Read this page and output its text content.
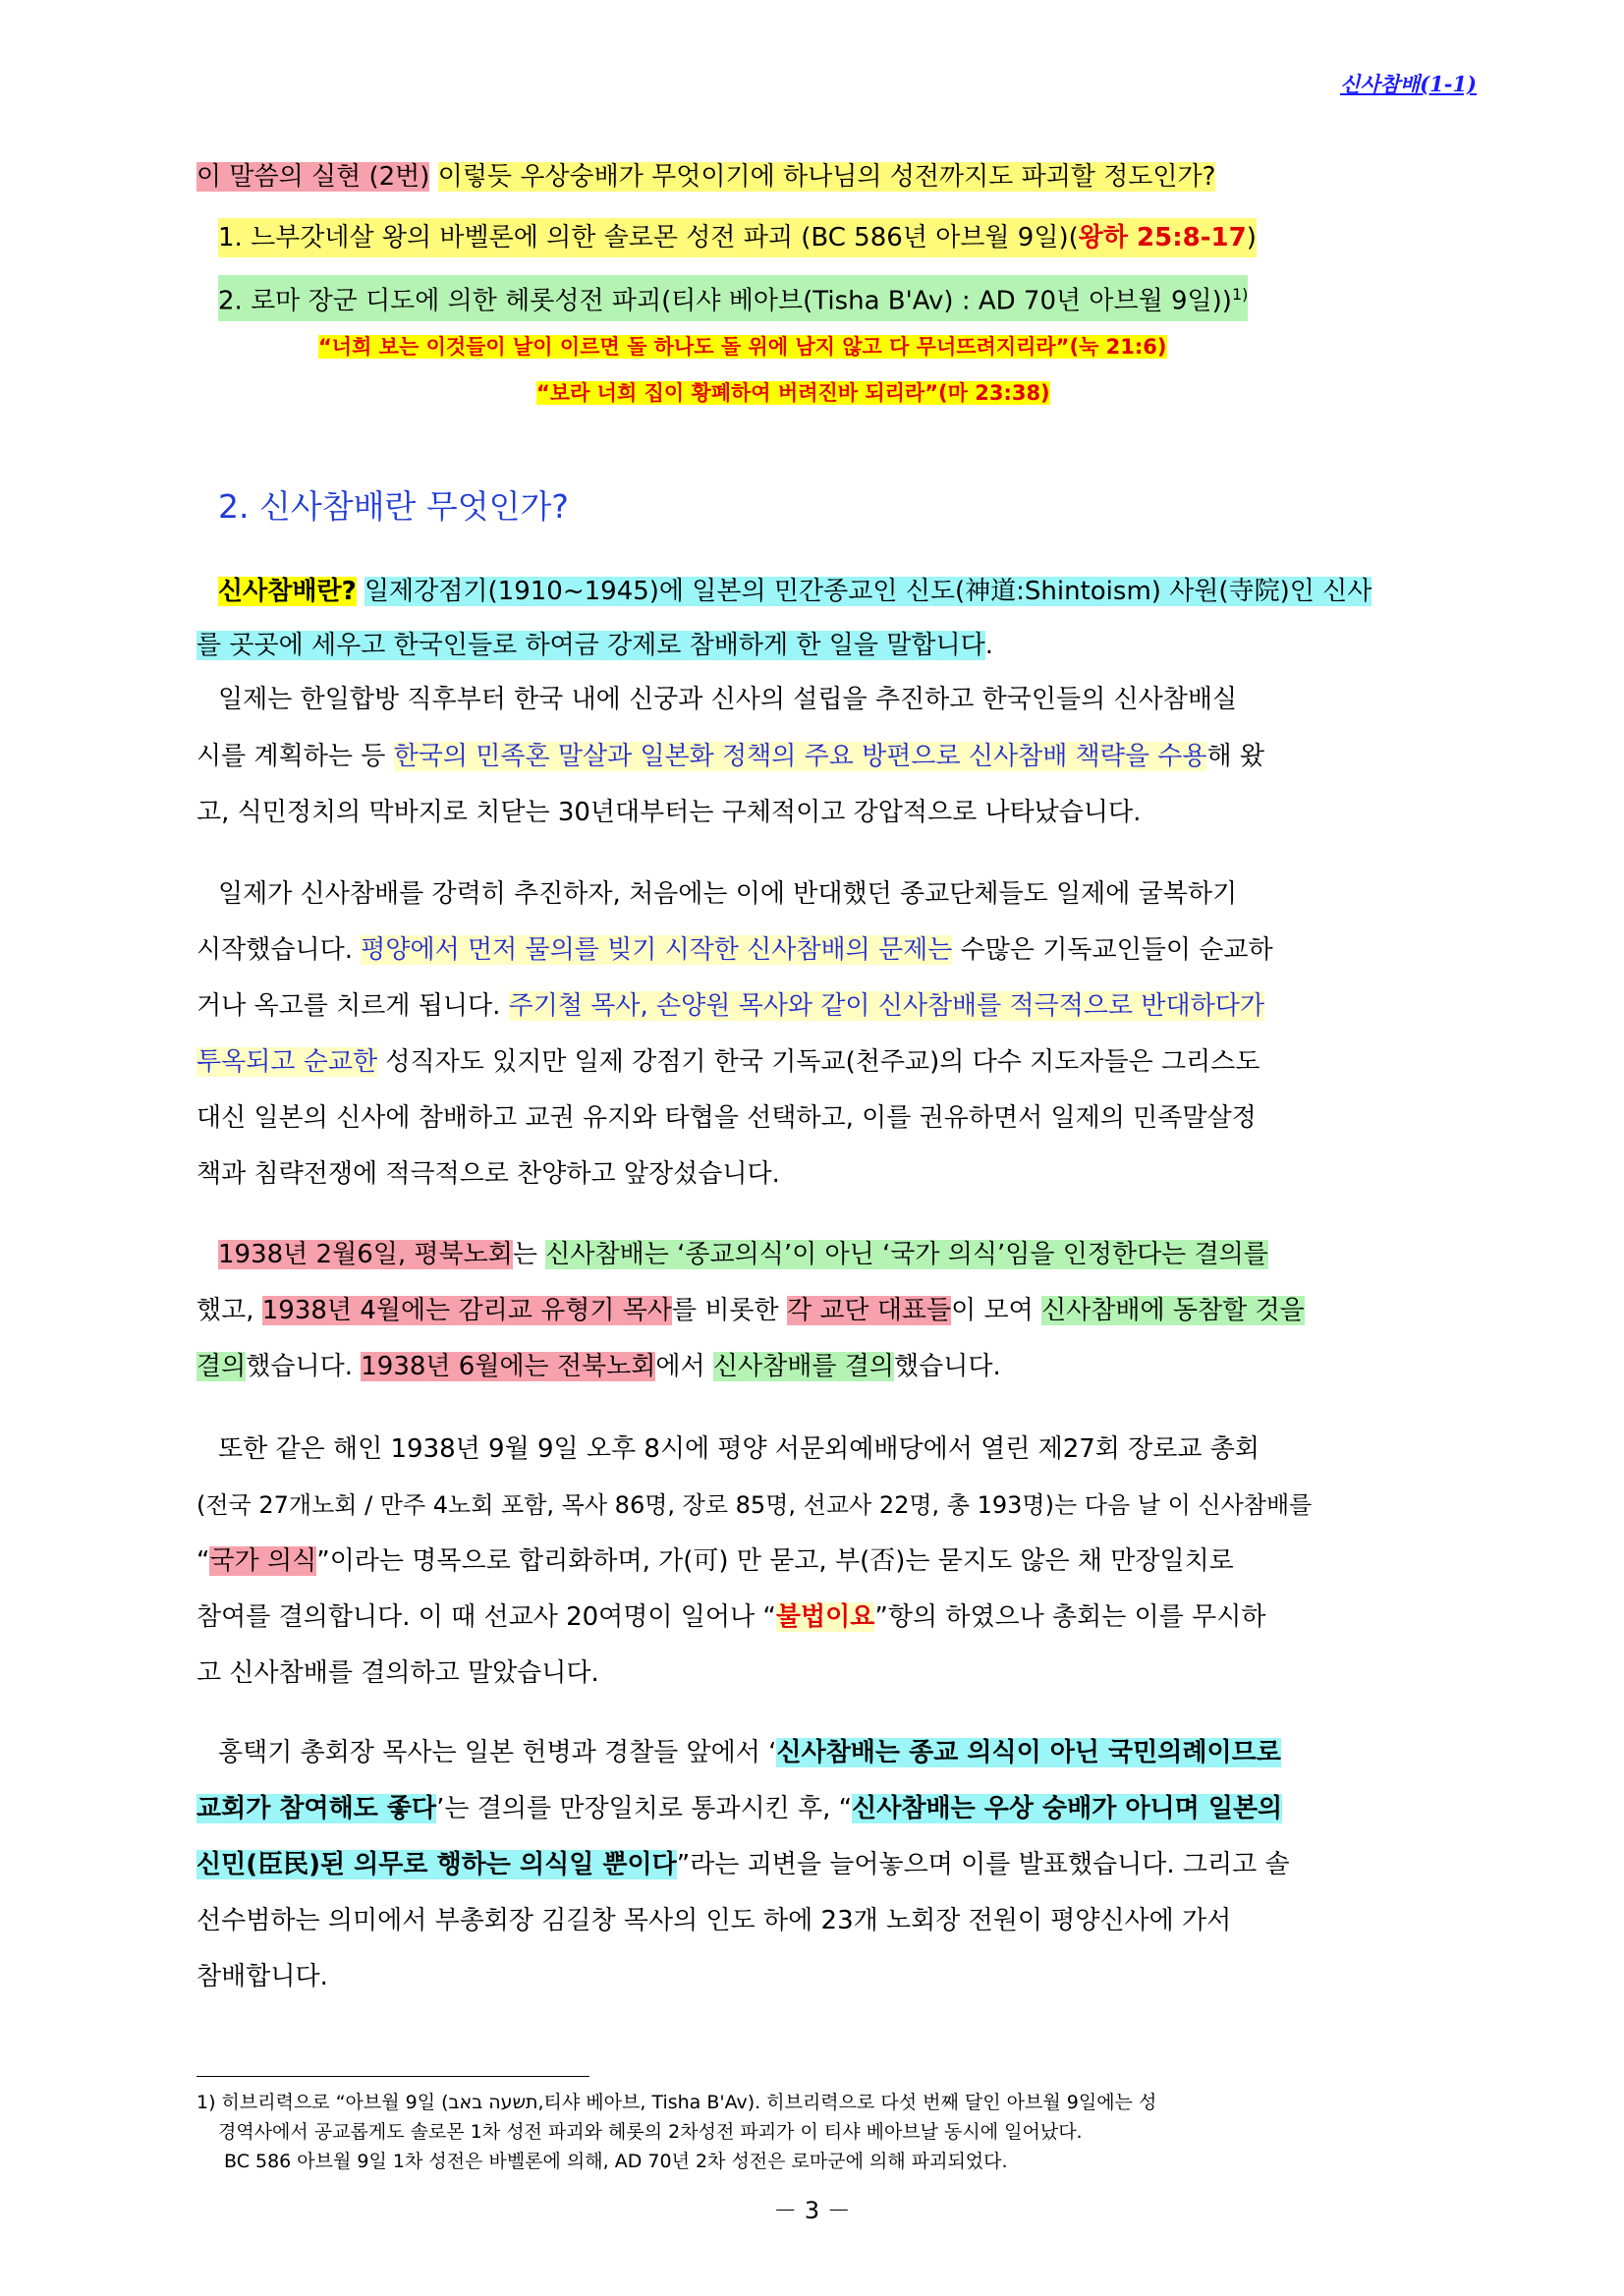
신사참배(1-1)
이 말씀의 실현 (2번) 이렇듯 우상숭배가 무엇이기에 하나님의 성전까지도 파괴할 정도인가?
1. 느부갓네살 왕의 바벨론에 의한 솔로몬 성전 파괴 (BC 586년 아브월 9일)(왕하 25:8-17)
2. 로마 장군 디도에 의한 헤롯성전 파괴(티샤 베아브(Tisha B'Av) : AD 70년 아브월 9일))$^{1)}$
“너희 보는 이것들이 날이 이르면 돌 하나도 돌 위에 남지 않고 다 무너뜨려지리라”(눅 21:6)
“보라 너희 집이 황폐하여 버려진바 되리라”(마 23:38)
2. 신사참배란 무엇인가?
신사참배란? 일제강점기(1910~1945)에 일본의 민간종교인 신도(神道:Shintoism) 사원(寺院)인 신사
를 곳곳에 세우고 한국인들로 하여금 강제로 참배하게 한 일을 말합니다.
일제는 한일합방 직후부터 한국 내에 신궁과 신사의 설립을 추진하고 한국인들의 신사참배실
시를 계획하는 등 한국의 민족혼 말살과 일본화 정책의 주요 방편으로 신사참배 책략을 수용해 왔
고, 식민정치의 막바지로 치닫는 30년대부터는 구체적이고 강압적으로 나타났습니다.
일제가 신사참배를 강력히 추진하자, 처음에는 이에 반대했던 종교단체들도 일제에 굴복하기
시작했습니다. 평양에서 먼저 물의를 빚기 시작한 신사참배의 문제는 수많은 기독교인들이 순교하
거나 옥고를 치르게 됩니다. 주기철 목사, 손양원 목사와 같이 신사참배를 적극적으로 반대하다가
투옥되고 순교한 성직자도 있지만 일제 강점기 한국 기독교(천주교)의 다수 지도자들은 그리스도
대신 일본의 신사에 참배하고 교권 유지와 타협을 선택하고, 이를 권유하면서 일제의 민족말살정
책과 침략전쟁에 적극적으로 찬양하고 앞장섰습니다.
1938년 2월6일, 평북노회는 신사참배는 ‘종교의식’이 아닌 ‘국가 의식’임을 인정한다는 결의를
했고, 1938년 4월에는 감리교 유형기 목사를 비롯한 각 교단 대표들이 모여 신사참배에 동참할 것을
결의했습니다. 1938년 6월에는 전북노회에서 신사참배를 결의했습니다.
또한 같은 해인 1938년 9월 9일 오후 8시에 평양 서문외예배당에서 열린 제27회 장로교 총회
(전국 27개노회 / 만주 4노회 포함, 목사 86명, 장로 85명, 선교사 22명, 총 193명)는 다음 날 이 신사참배를
“국가 의식”이라는 명목으로 합리화하며, 가(可) 만 묻고, 부(否)는 묻지도 않은 채 만장일치로
참여를 결의합니다. 이 때 선교사 20여명이 일어나 “불법이요”항의 하였으나 총회는 이를 무시하
고 신사참배를 결의하고 말았습니다.
홍택기 총회장 목사는 일본 헌병과 경찰들 앞에서 ‘신사참배는 종교 의식이 아닌 국민의례이므로
교회가 참여해도 좋다’는 결의를 만장일치로 통과시킨 후, “신사참배는 우상 숭배가 아니며 일본의
신민(臣民)된 의무로 행하는 의식일 뿐이다”라는 괴변을 늘어놓으며 이를 발표했습니다. 그리고 솔
선수범하는 의미에서 부총회장 김길창 목사의 인도 하에 23개 노회장 전원이 평양신사에 가서
참배합니다.
1) 히브리력으로 “아브월 9일 (תשעה באב,티샤 베아브, Tisha B'Av). 히브리력으로 다섯 번째 달인 아브월 9일에는 성
경역사에서 공교롭게도 솔로몬 1차 성전 파괴와 헤롯의 2차성전 파괴가 이 티샤 베아브날 동시에 일어났다.
BC 586 아브월 9일 1차 성전은 바벨론에 의해, AD 70년 2차 성전은 로마군에 의해 파괴되었다.
－ 3 －
